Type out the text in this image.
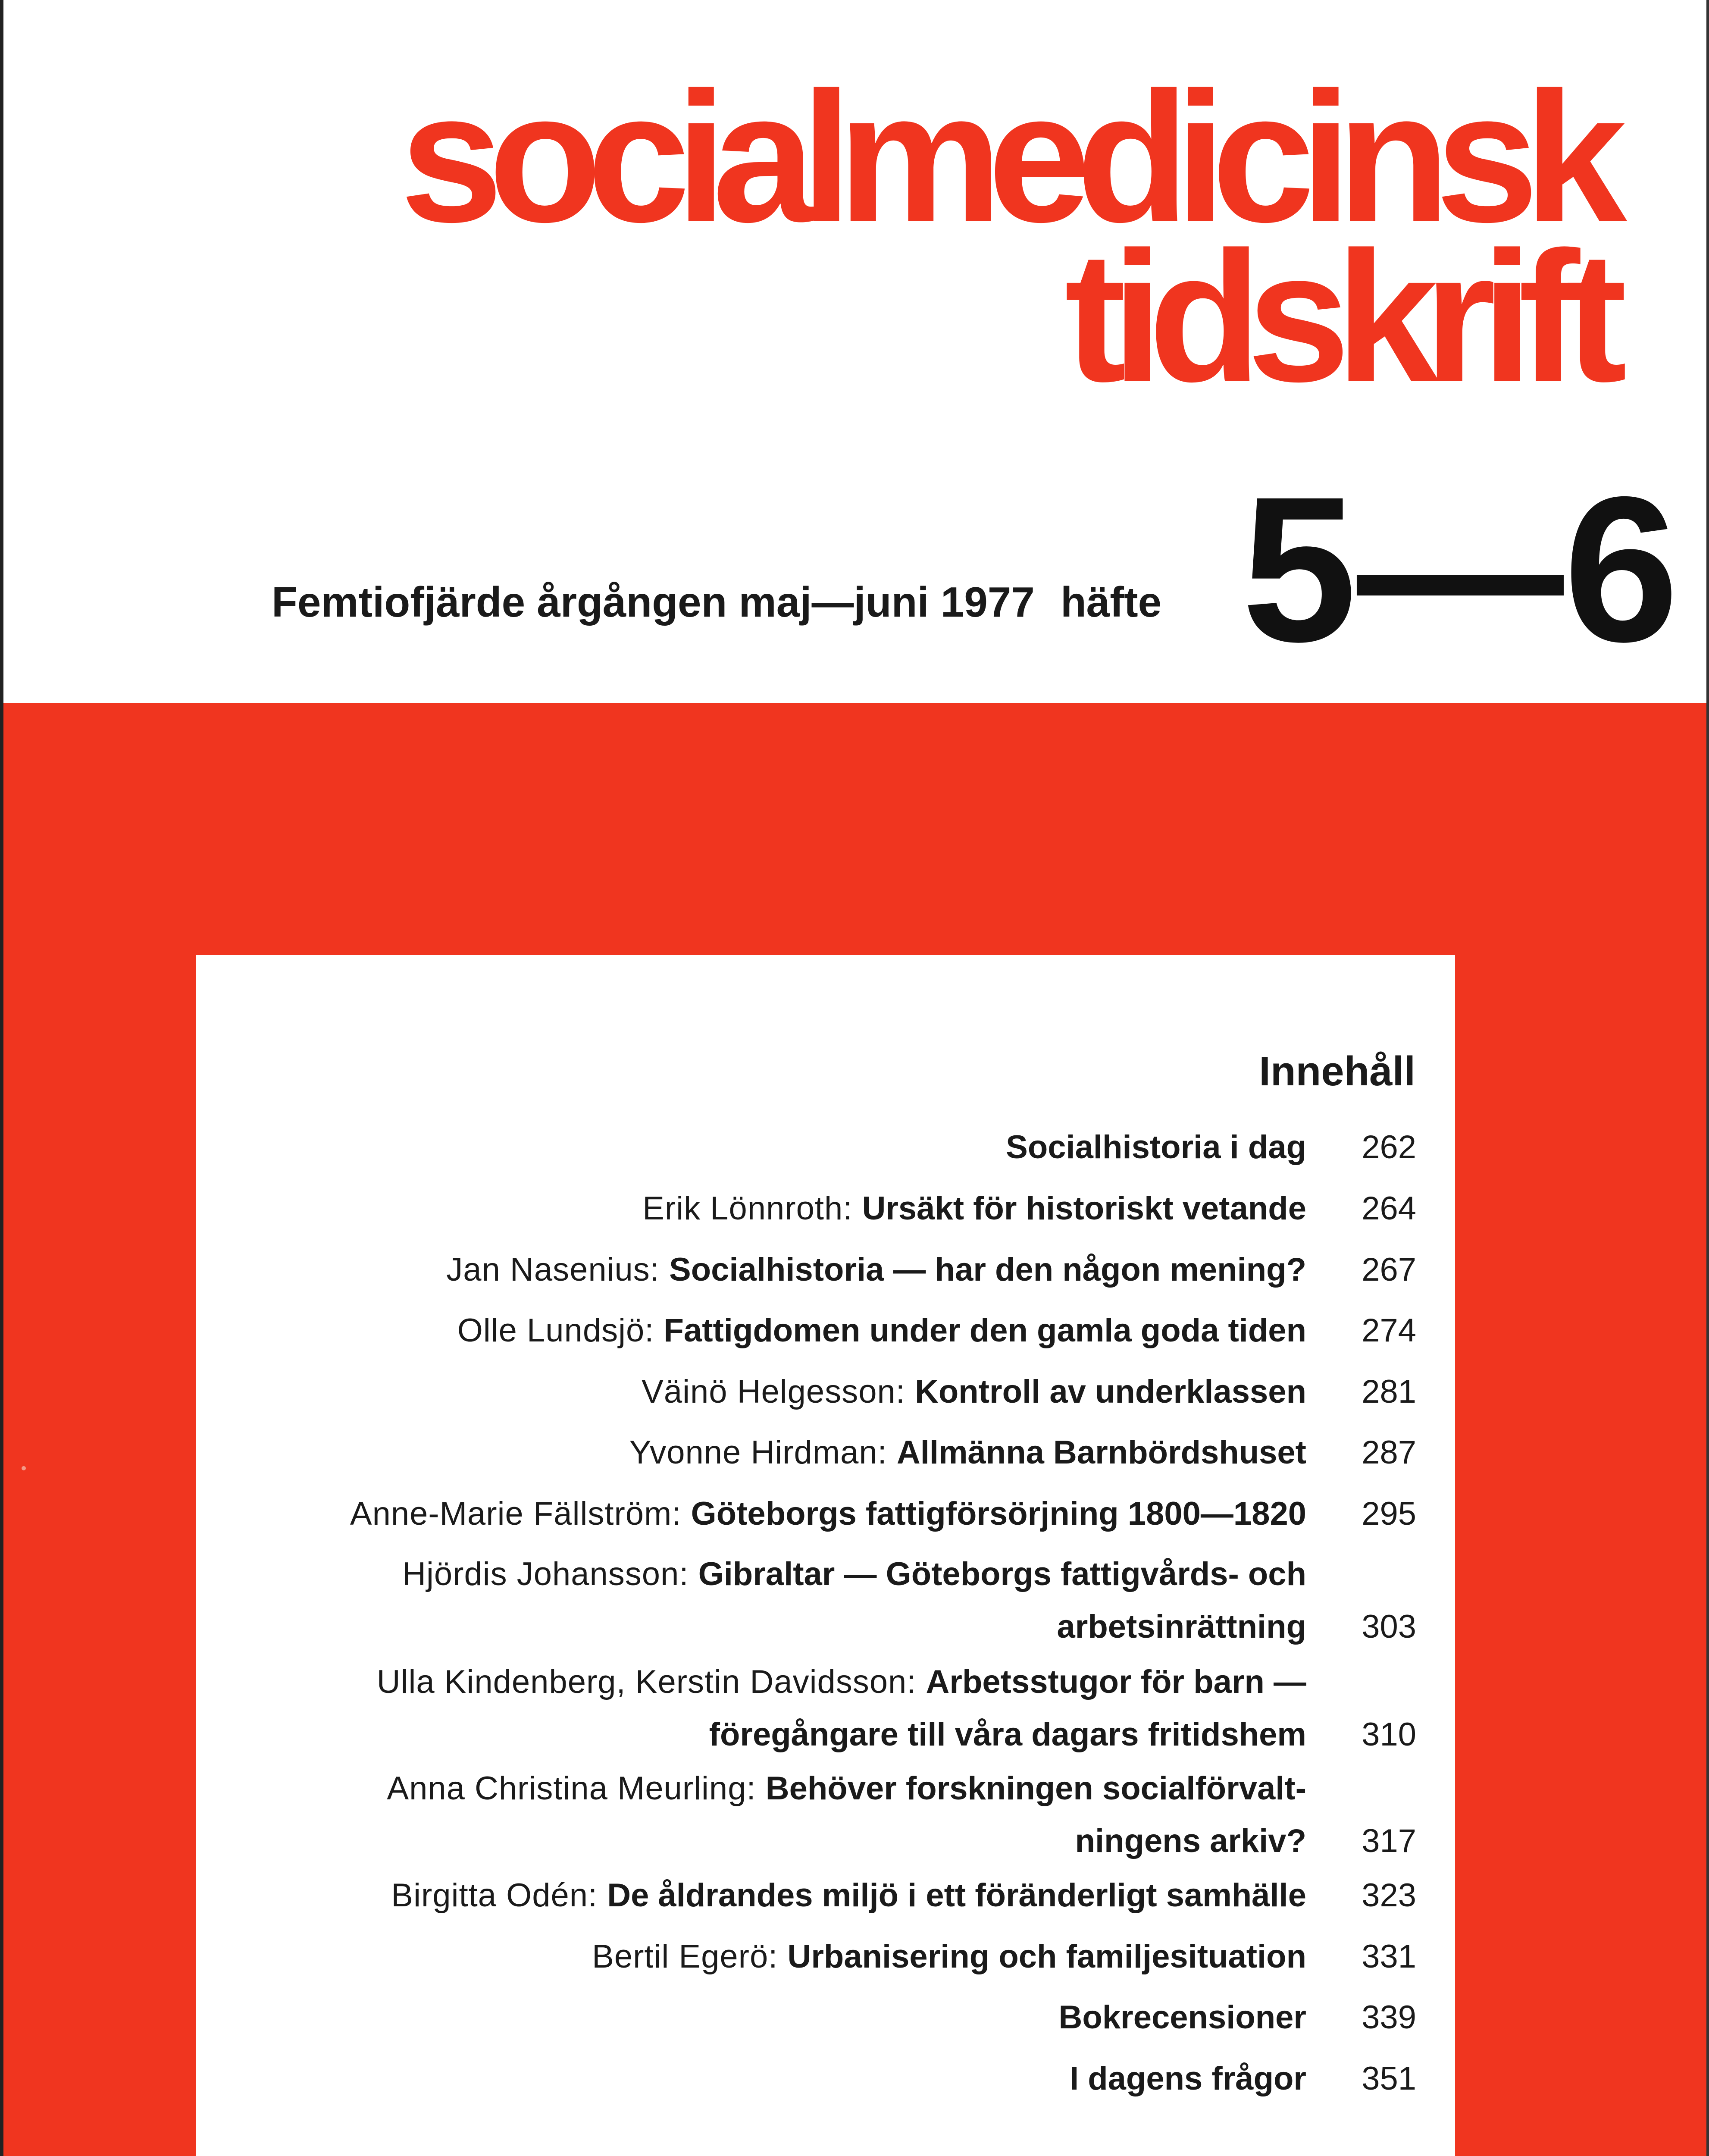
socialmedicinsk
tidskrift
Femtiofjärde årgången maj—juni 1977 häfte 5—6
Innehåll
Socialhistoria i dag	262
Erik Lönnroth: Ursäkt för historiskt vetande	264
Jan Nasenius: Socialhistoria — har den någon mening?	267
Olle Lundsjö: Fattigdomen under den gamla goda tiden	274
Väinö Helgesson: Kontroll av underklassen	281
Yvonne Hirdman: Allmänna Barnbördshuset	287
Anne-Marie Fällström: Göteborgs fattigförsörjning 1800—1820	295
Hjördis Johansson: Gibraltar — Göteborgs fattigvårds- och arbetsinrättning	303
Ulla Kindenberg, Kerstin Davidsson: Arbetsstugor för barn — föregångare till våra dagars fritidshem	310
Anna Christina Meurling: Behöver forskningen socialförvalt-ningens arkiv?	317
Birgitta Odén: De åldrandes miljö i ett föränderligt samhälle	323
Bertil Egerö: Urbanisering och familjesituation	331
Bokrecensioner	339
I dagens frågor	351
